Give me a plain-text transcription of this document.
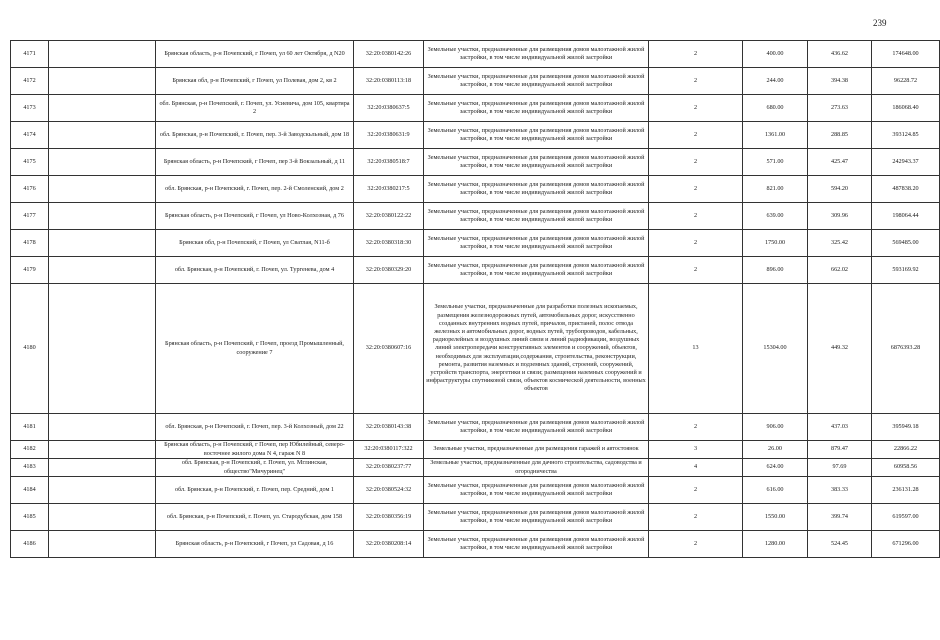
239
4171		Брянская область, р-н Почепский, г Почеп, ул 60 лет Октября, д N20	32:20:0380142:26	Земельные участки, предназначенные для размещения домов малоэтажной жилой застройки, в том числе индивидуальной жилой застройки	2	400.00	436.62	174648.00
4172		Брянская обл, р-н Почепский, г Почеп, ул Полевая, дом 2, кв 2	32:20:0380113:18	Земельные участки, предназначенные для размещения домов малоэтажной жилой застройки, в том числе индивидуальной жилой застройки	2	244.00	394.38	96228.72
4173		обл. Брянская, р-н Почепский, г. Почеп, ул. Усиевича, дом 105, квартира 2	32:20:0380637:5	Земельные участки, предназначенные для размещения домов малоэтажной жилой застройки, в том числе индивидуальной жилой застройки	2	680.00	273.63	186068.40
4174		обл. Брянская, р-н Почепский, г. Почеп, пер. 3-й Заводскьльный, дом 18	32:20:0380631:9	Земельные участки, предназначенные для размещения домов малоэтажной жилой застройки, в том числе индивидуальной жилой застройки	2	1361.00	288.85	393124.85
4175		Брянская область, р-н Почепский, г Почеп, пер 3-й Вокзальный, д 11	32:20:0380518:7	Земельные участки, предназначенные для размещения домов малоэтажной жилой застройки, в том числе индивидуальной жилой застройки	2	571.00	425.47	242943.37
4176		обл. Брянская, р-н Почепский, г. Почеп, пер. 2-й Смоленский, дом 2	32:20:0380217:5	Земельные участки, предназначенные для размещения домов малоэтажной жилой застройки, в том числе индивидуальной жилой застройки	2	821.00	594.20	487838.20
4177		Брянская область, р-н Почепский, г Почеп, ул Ново-Колхозная, д 76	32:20:0380122:22	Земельные участки, предназначенные для размещения домов малоэтажной жилой застройки, в том числе индивидуальной жилой застройки	2	639.00	309.96	198064.44
4178		Брянская обл, р-н Почепский, г Почеп, ул Сватлая, N11-б	32:20:0380318:30	Земельные участки, предназначенные для размещения домов малоэтажной жилой застройки, в том числе индивидуальной жилой застройки	2	1750.00	325.42	569485.00
4179		обл. Брянская, р-н Почепский, г. Почеп, ул. Тургенева, дом 4	32:20:0380329:20	Земельные участки, предназначенные для размещения домов малоэтажной жилой застройки, в том числе индивидуальной жилой застройки	2	896.00	662.02	593169.92
4180		Брянская область, р-н Почепский, г Почеп, проезд Промышленный, сооружение 7	32:20:0380607:16	Земельные участки, предназначенные для разработки полезных ископаемых, размещения железнодорожных путей, автомобильных дорог, искусственно созданных внутренних водных путей, причалов, пристаней, полос отвода железных и автомобильных дорог, водных путей, трубопроводов, кабельных, радиорелейных и воздушных линий связи и линий радиофикации, воздушных линий электропередачи конструктивных элементов и сооружений, объектов, необходимых для эксплуатации,содержания, строительства, реконструкции, ремонта, развития наземных и подземных зданий, строений, сооружений, устройств транспорта, энергетики и связи; размещения наземных сооружений и инфраструктуры спутниковой связи, объектов космической деятельности, военных объектов	13	15304.00	449.32	6876393.28
4181		обл. Брянская, р-н Почепский, г. Почеп, пер. 3-й Колхозный, дом 22	32:20:0380143:38	Земельные участки, предназначенные для размещения домов малоэтажной жилой застройки, в том числе индивидуальной жилой застройки	2	906.00	437.03	395949.18
4182		Брянская область, р-н Почепский, г Почеп, пер Юбилейный, северо-восточнее жилого дома N 4, гараж N 8	32:20:0380117:322	Земельные участки, предназначенные для размещения гаражей и автостоянок	3	26.00	879.47	22866.22
4183		обл. Брянская, р-н Почепский, г. Почеп, ул. Мглинская, общество"Мичуринец"	32:20:0380237:77	Земельные участки, предназначенные для дачного строительства, садоводства и огородничества	4	624.00	97.69	60958.56
4184		обл. Брянская, р-н Почепский, г. Почеп, пер. Средний, дом 1	32:20:0380524:32	Земельные участки, предназначенные для размещения домов малоэтажной жилой застройки, в том числе индивидуальной жилой застройки	2	616.00	383.33	236131.28
4185		обл. Брянская, р-н Почепский, г. Почеп, ул. Стародубская, дом 158	32:20:0380356:19	Земельные участки, предназначенные для размещения домов малоэтажной жилой застройки, в том числе индивидуальной жилой застройки	2	1550.00	399.74	619597.00
4186		Брянская область, р-н Почепский, г Почеп, ул Садовая, д 16	32:20:0380208:14	Земельные участки, предназначенные для размещения домов малоэтажной жилой застройки, в том числе индивидуальной жилой застройки	2	1280.00	524.45	671296.00
